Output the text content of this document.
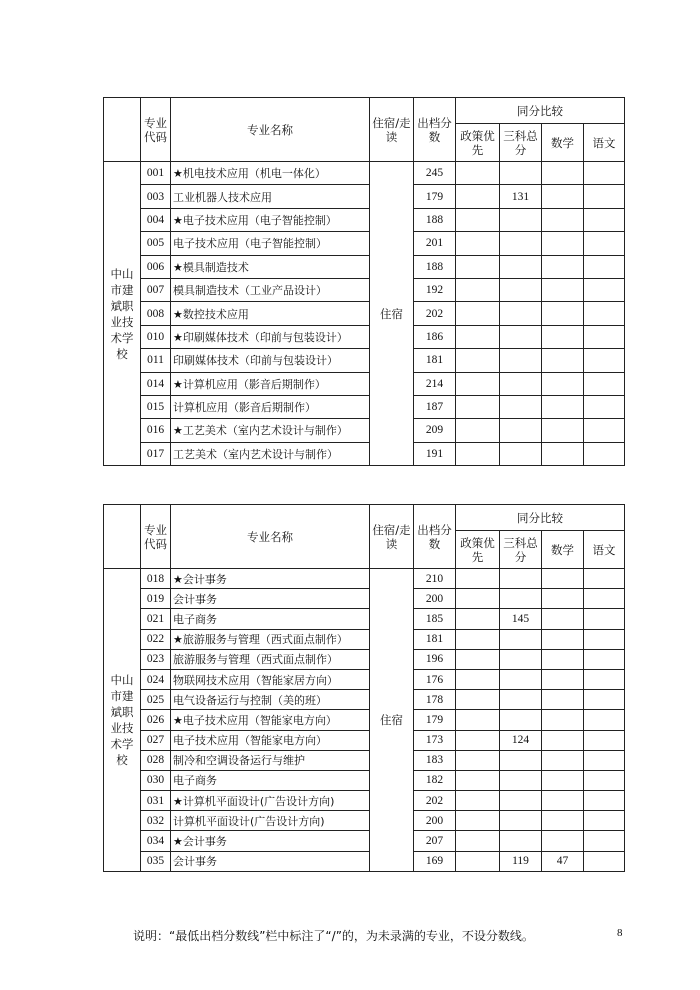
	专业代码	专业名称	住宿/走读	出档分数	同分比较			
					政策优先	三科总分	数学	语文
中山市建斌职业技术学校	001	★机电技术应用（机电一体化）	住宿	245				
	003	工业机器人技术应用		179		131		
	004	★电子技术应用（电子智能控制）		188				
	005	电子技术应用（电子智能控制）		201				
	006	★模具制造技术		188				
	007	模具制造技术（工业产品设计）		192				
	008	★数控技术应用		202				
	010	★印刷媒体技术（印前与包装设计）		186				
	011	印刷媒体技术（印前与包装设计）		181				
	014	★计算机应用（影音后期制作）		214				
	015	计算机应用（影音后期制作）		187				
	016	★工艺美术（室内艺术设计与制作）		209				
	017	工艺美术（室内艺术设计与制作）		191				
	专业代码	专业名称	住宿/走读	出档分数	同分比较			
					政策优先	三科总分	数学	语文
中山市建斌职业技术学校	018	★会计事务	住宿	210				
	019	会计事务		200				
	021	电子商务		185		145		
	022	★旅游服务与管理（西式面点制作）		181				
	023	旅游服务与管理（西式面点制作）		196				
	024	物联网技术应用（智能家居方向）		176				
	025	电气设备运行与控制（美的班）		178				
	026	★电子技术应用（智能家电方向）		179				
	027	电子技术应用（智能家电方向）		173		124		
	028	制冷和空调设备运行与维护		183				
	030	电子商务		182				
	031	★计算机平面设计(广告设计方向)		202				
	032	计算机平面设计(广告设计方向)		200				
	034	★会计事务		207				
	035	会计事务		169		119	47	
说明：“最低出档分数线”栏中标注了“/”的，为未录满的专业，不设分数线。	8
